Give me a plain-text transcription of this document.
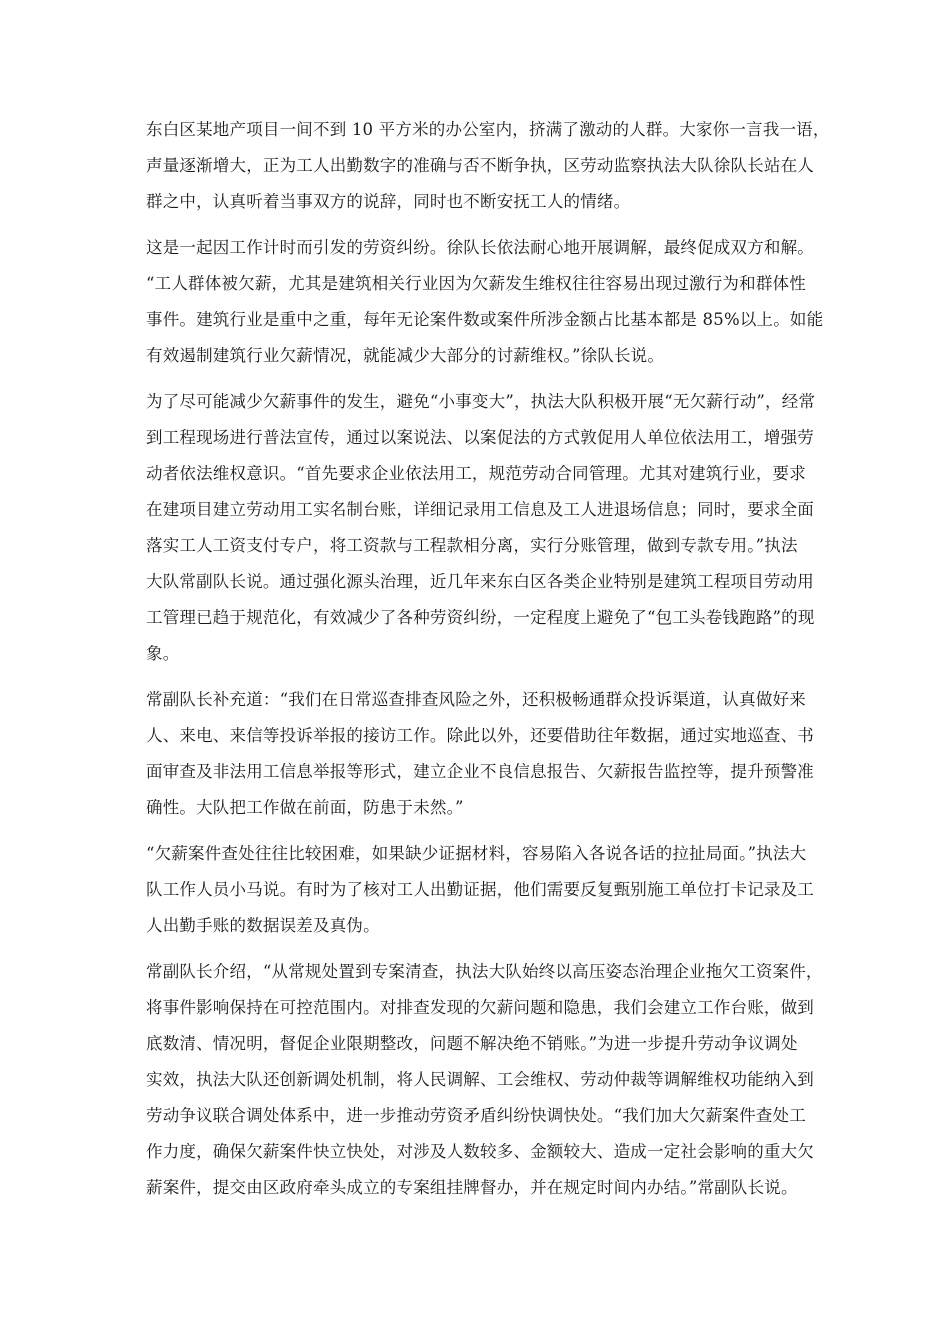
东白区某地产项目一间不到 10 平方米的办公室内，挤满了激动的人群。大家你一言我一语，
声量逐渐增大，正为工人出勤数字的准确与否不断争执，区劳动监察执法大队徐队长站在人
群之中，认真听着当事双方的说辞，同时也不断安抚工人的情绪。
这是一起因工作计时而引发的劳资纠纷。徐队长依法耐心地开展调解，最终促成双方和解。
“工人群体被欠薪，尤其是建筑相关行业因为欠薪发生维权往往容易出现过激行为和群体性
事件。建筑行业是重中之重，每年无论案件数或案件所涉金额占比基本都是 85%以上。如能
有效遏制建筑行业欠薪情况，就能减少大部分的讨薪维权。”徐队长说。
为了尽可能减少欠薪事件的发生，避免“小事变大”，执法大队积极开展“无欠薪行动”，经常
到工程现场进行普法宣传，通过以案说法、以案促法的方式敦促用人单位依法用工，增强劳
动者依法维权意识。“首先要求企业依法用工，规范劳动合同管理。尤其对建筑行业，要求
在建项目建立劳动用工实名制台账，详细记录用工信息及工人进退场信息；同时，要求全面
落实工人工资支付专户，将工资款与工程款相分离，实行分账管理，做到专款专用。”执法
大队常副队长说。通过强化源头治理，近几年来东白区各类企业特别是建筑工程项目劳动用
工管理已趋于规范化，有效减少了各种劳资纠纷，一定程度上避免了“包工头卷钱跑路”的现
象。
常副队长补充道：“我们在日常巡查排查风险之外，还积极畅通群众投诉渠道，认真做好来
人、来电、来信等投诉举报的接访工作。除此以外，还要借助往年数据，通过实地巡查、书
面审查及非法用工信息举报等形式，建立企业不良信息报告、欠薪报告监控等，提升预警准
确性。大队把工作做在前面，防患于未然。”
“欠薪案件查处往往比较困难，如果缺少证据材料，容易陷入各说各话的拉扯局面。”执法大
队工作人员小马说。有时为了核对工人出勤证据，他们需要反复甄别施工单位打卡记录及工
人出勤手账的数据误差及真伪。
常副队长介绍，“从常规处置到专案清查，执法大队始终以高压姿态治理企业拖欠工资案件，
将事件影响保持在可控范围内。对排查发现的欠薪问题和隐患，我们会建立工作台账，做到
底数清、情况明，督促企业限期整改，问题不解决绝不销账。”为进一步提升劳动争议调处
实效，执法大队还创新调处机制，将人民调解、工会维权、劳动仲裁等调解维权功能纳入到
劳动争议联合调处体系中，进一步推动劳资矛盾纠纷快调快处。“我们加大欠薪案件查处工
作力度，确保欠薪案件快立快处，对涉及人数较多、金额较大、造成一定社会影响的重大欠
薪案件，提交由区政府牵头成立的专案组挂牌督办，并在规定时间内办结。”常副队长说。
